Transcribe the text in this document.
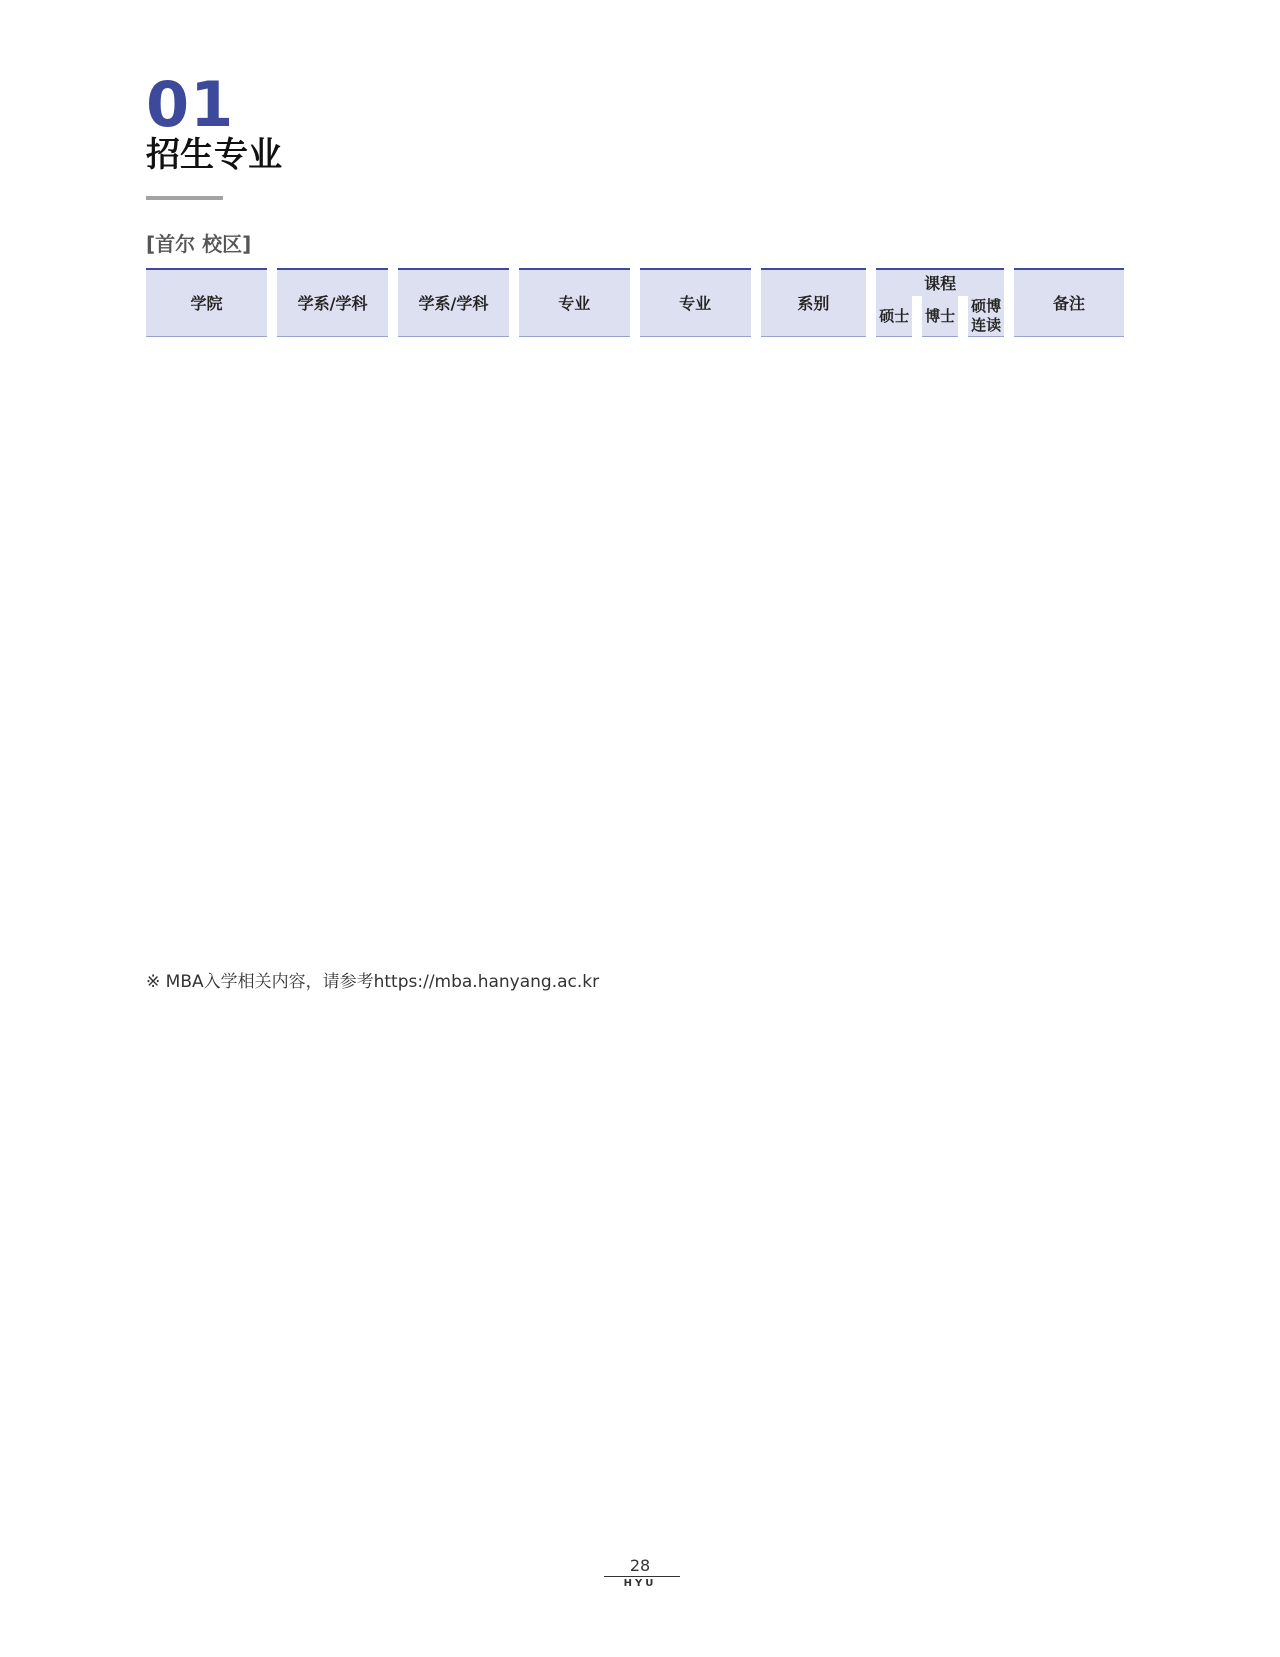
01
招生专业
[首尔 校区]
学院	学系/学科	学系/学科	专业	专业	系别	课程			备注
						硕士	博士	硕博连读	
※ MBA入学相关内容，请参考https://mba.hanyang.ac.kr
28
HYU
